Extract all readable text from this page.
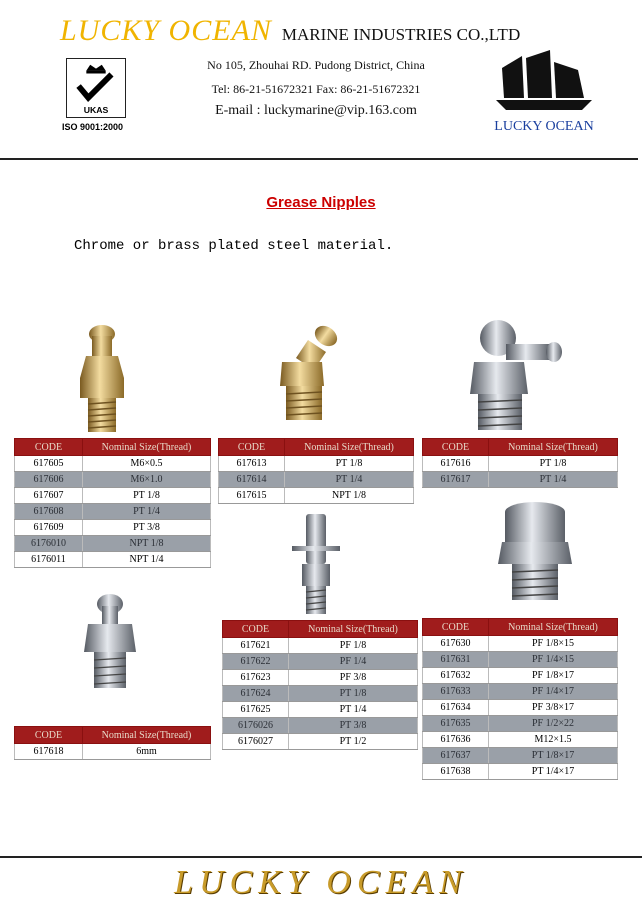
LUCKY OCEAN MARINE INDUSTRIES CO.,LTD
UKAS
ISO 9001:2000
No 105, Zhouhai RD. Pudong District, China
Tel: 86-21-51672321 Fax: 86-21-51672321
E-mail : luckymarine@vip.163.com
LUCKY OCEAN
Grease Nipples
Chrome or brass plated steel material.
CODE	Nominal Size(Thread)
617605	M6×0.5
617606	M6×1.0
617607	PT 1/8
617608	PT 1/4
617609	PT 3/8
6176010	NPT 1/8
6176011	NPT 1/4
CODE	Nominal Size(Thread)
617613	PT 1/8
617614	PT 1/4
617615	NPT 1/8
CODE	Nominal Size(Thread)
617616	PT 1/8
617617	PT 1/4
CODE	Nominal Size(Thread)
617618	6mm
CODE	Nominal Size(Thread)
617621	PF 1/8
617622	PF 1/4
617623	PF 3/8
617624	PT 1/8
617625	PT 1/4
6176026	PT 3/8
6176027	PT 1/2
CODE	Nominal Size(Thread)
617630	PF 1/8×15
617631	PF 1/4×15
617632	PF 1/8×17
617633	PF 1/4×17
617634	PF 3/8×17
617635	PF 1/2×22
617636	M12×1.5
617637	PT 1/8×17
617638	PT 1/4×17
LUCKY OCEAN
